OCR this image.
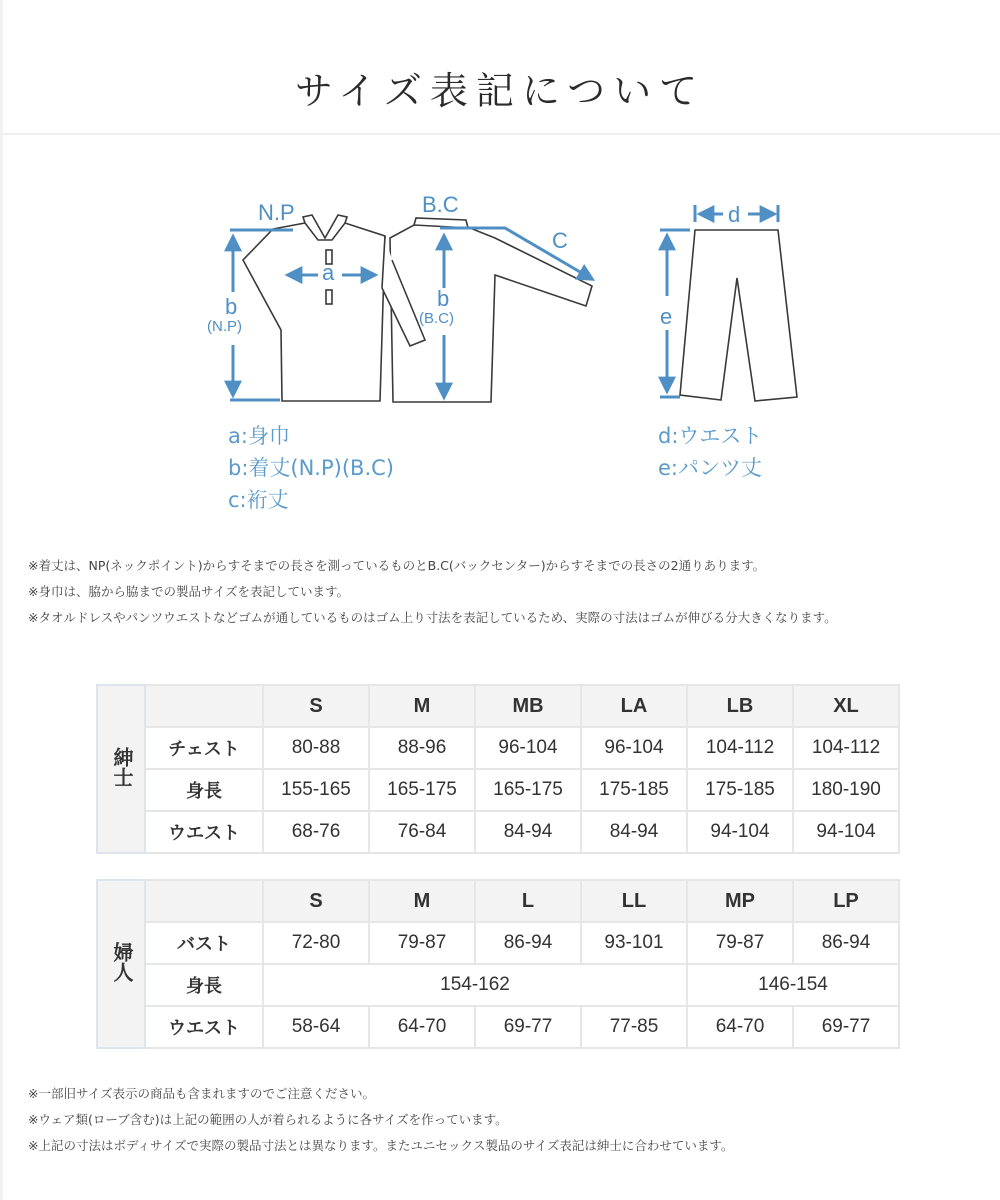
サイズ表記について
N.P	B.C
C
a
b
(N.P)
b
(B.C)
d
e
a:身巾
b:着丈(N.P)(B.C)
c:裄丈
d:ウエスト
e:パンツ丈
※着丈は、NP(ネックポイント)からすそまでの長さを測っているものとB.C(バックセンター)からすそまでの長さの2通りあります。
※身巾は、脇から脇までの製品サイズを表記しています。
※タオルドレスやパンツウエストなどゴムが通しているものはゴム上り寸法を表記しているため、実際の寸法はゴムが伸びる分大きくなります。
紳士		S	M	MB	LA	LB	XL
	チェスト	80-88	88-96	96-104	96-104	104-112	104-112
	身長	155-165	165-175	165-175	175-185	175-185	180-190
	ウエスト	68-76	76-84	84-94	84-94	94-104	94-104
婦人		S	M	L	LL	MP	LP
	バスト	72-80	79-87	86-94	93-101	79-87	86-94
	身長	154-162				146-154	
	ウエスト	58-64	64-70	69-77	77-85	64-70	69-77
※一部旧サイズ表示の商品も含まれますのでご注意ください。
※ウェア類(ローブ含む)は上記の範囲の人が着られるように各サイズを作っています。
※上記の寸法はボディサイズで実際の製品寸法とは異なります。またユニセックス製品のサイズ表記は紳士に合わせています。
